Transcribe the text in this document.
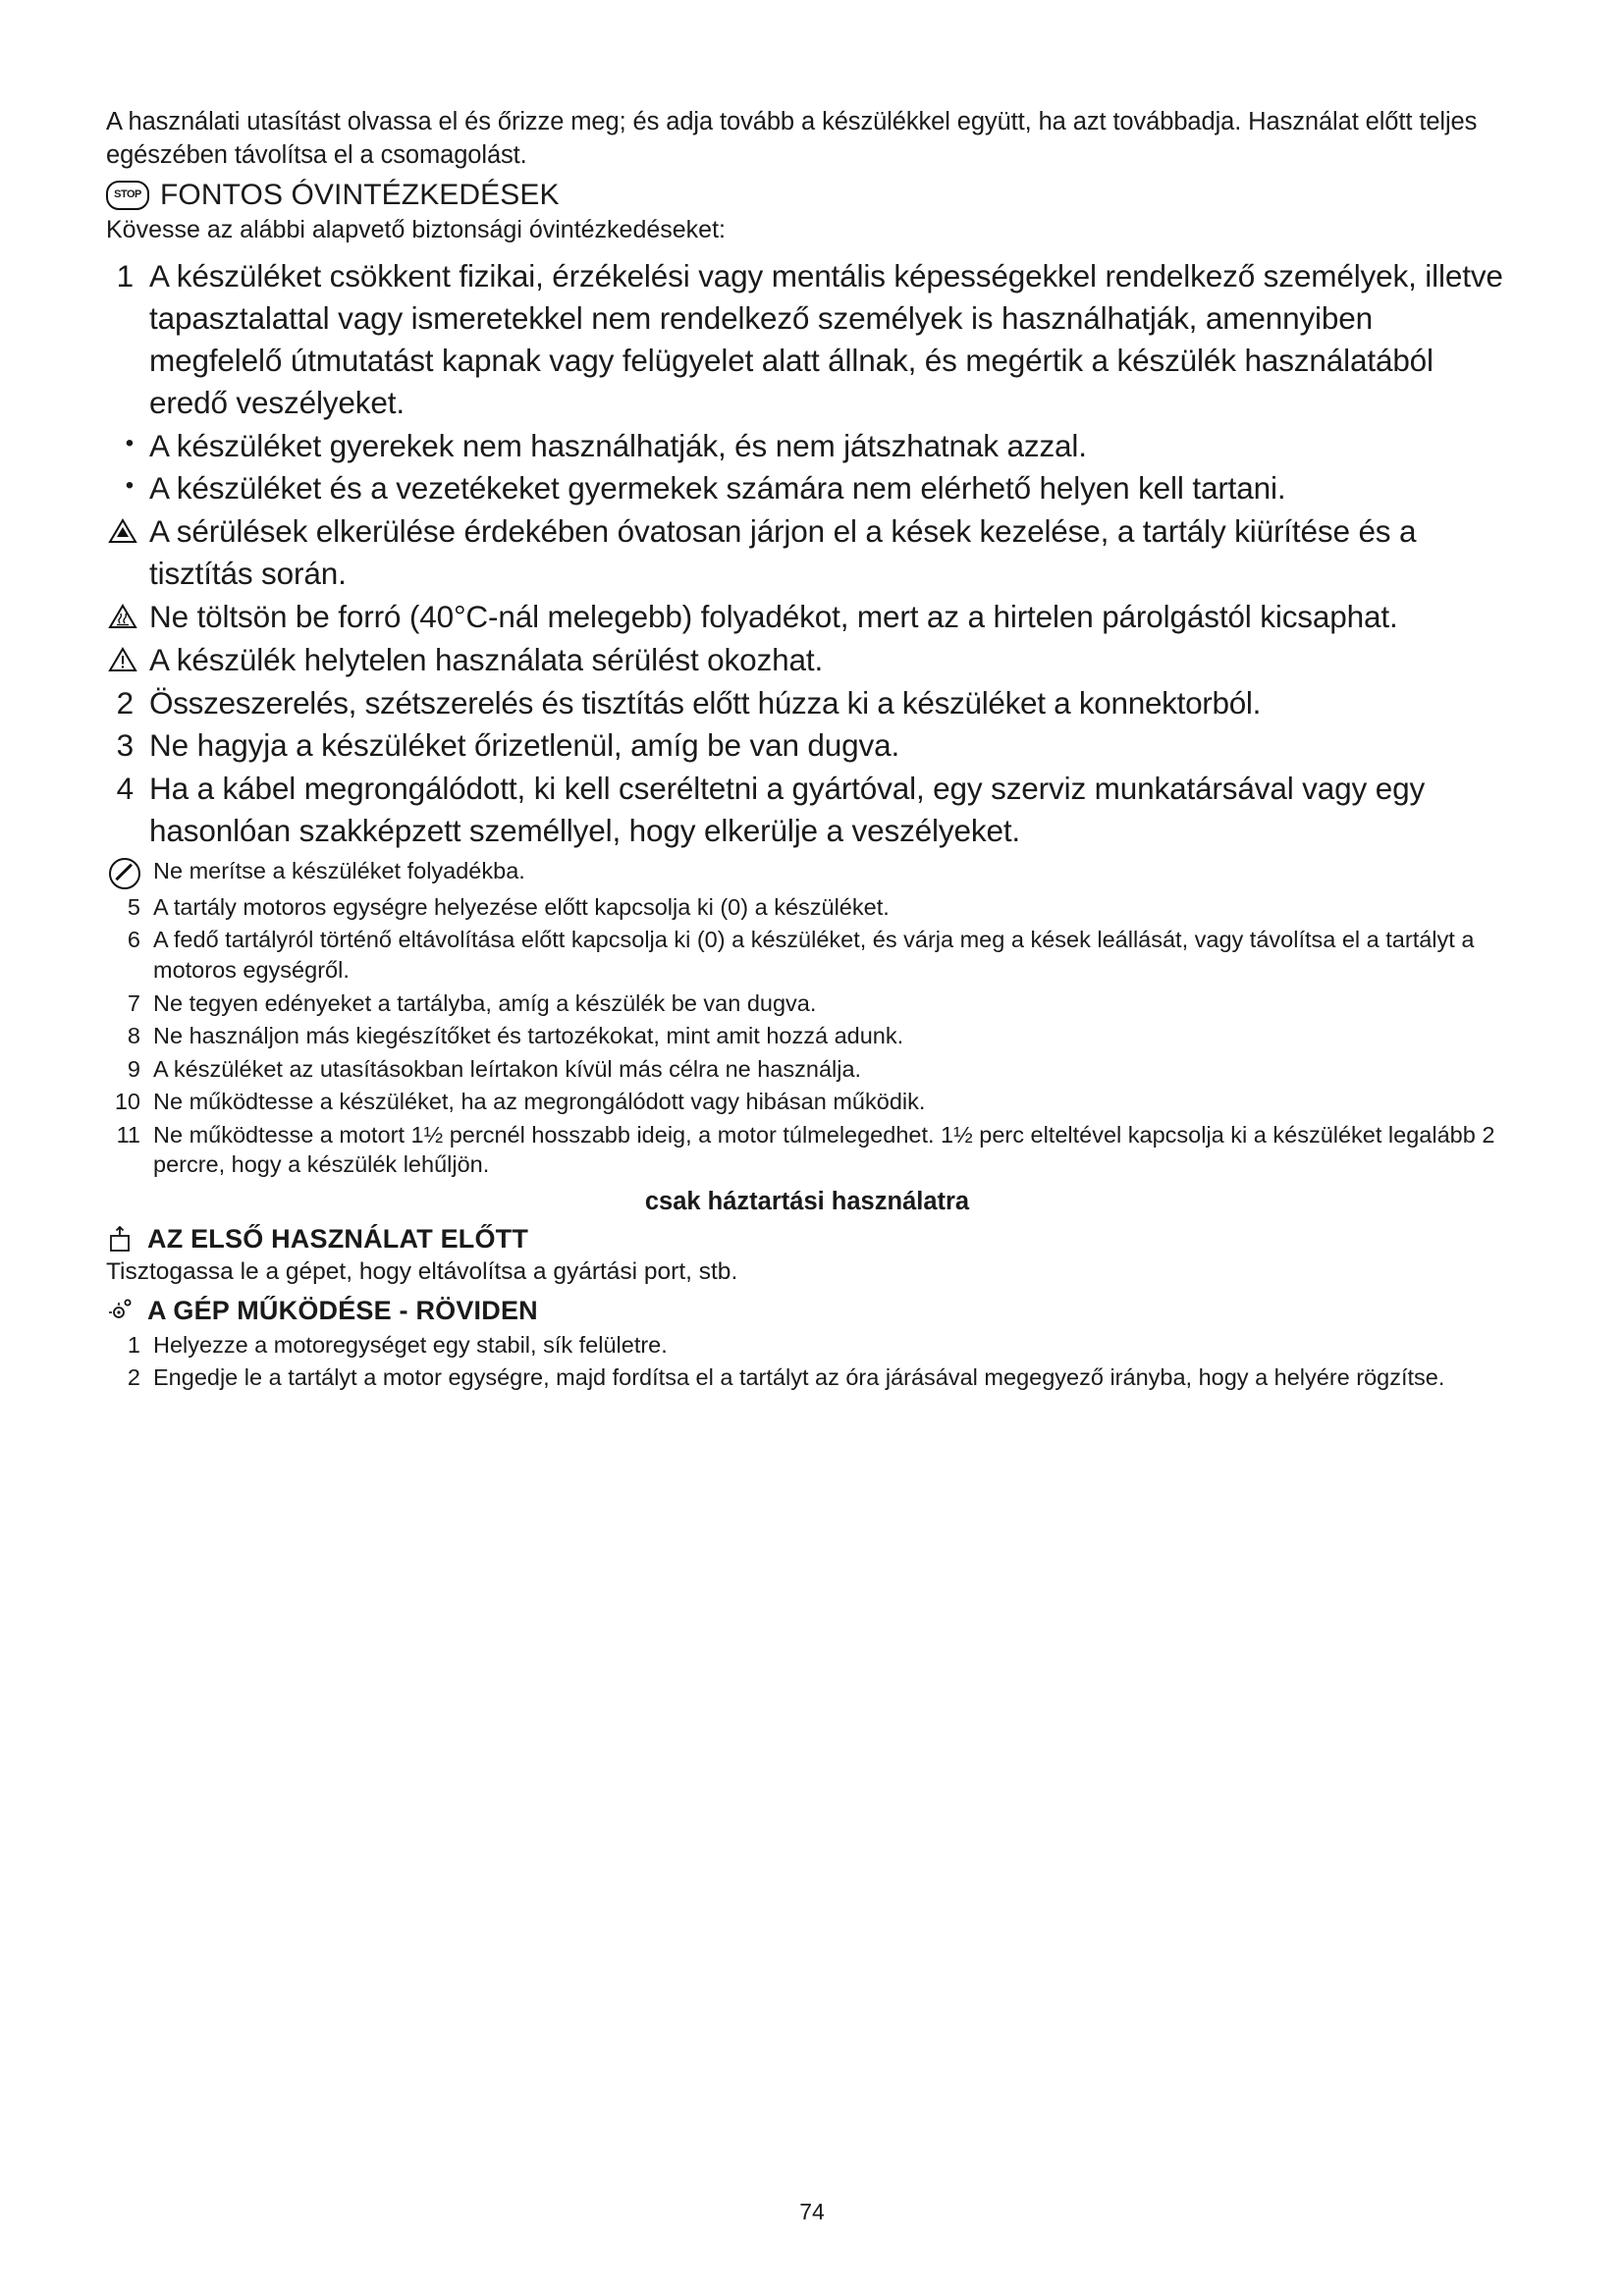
A használati utasítást olvassa el és őrizze meg; és adja tovább a készülékkel együtt, ha azt továbbadja. Használat előtt teljes egészében távolítsa el a csomagolást.

STOP FONTOS ÓVINTÉZKEDÉSEK

Kövesse az alábbi alapvető biztonsági óvintézkedéseket:

1 A készüléket csökkent fizikai, érzékelési vagy mentális képességekkel rendelkező személyek, illetve tapasztalattal vagy ismeretekkel nem rendelkező személyek is használhatják, amennyiben megfelelő útmutatást kapnak vagy felügyelet alatt állnak, és megértik a készülék használatából eredő veszélyeket.
• A készüléket gyerekek nem használhatják, és nem játszhatnak azzal.
• A készüléket és a vezetékeket gyermekek számára nem elérhető helyen kell tartani.
A sérülések elkerülése érdekében óvatosan járjon el a kések kezelése, a tartály kiürítése és a tisztítás során.
Ne töltsön be forró (40°C-nál melegebb) folyadékot, mert az a hirtelen párolgástól kicsaphat.
A készülék helytelen használata sérülést okozhat.
2 Összeszerelés, szétszerelés és tisztítás előtt húzza ki a készüléket a konnektorból.
3 Ne hagyja a készüléket őrizetlenül, amíg be van dugva.
4 Ha a kábel megrongálódott, ki kell cseréltetni a gyártóval, egy szerviz munkatársával vagy egy hasonlóan szakképzett személlyel, hogy elkerülje a veszélyeket.
Ne merítse a készüléket folyadékba.
5 A tartály motoros egységre helyezése előtt kapcsolja ki (0) a készüléket.
6 A fedő tartályról történő eltávolítása előtt kapcsolja ki (0) a készüléket, és várja meg a kések leállását, vagy távolítsa el a tartályt a motoros egységről.
7 Ne tegyen edényeket a tartályba, amíg a készülék be van dugva.
8 Ne használjon más kiegészítőket és tartozékokat, mint amit hozzá adunk.
9 A készüléket az utasításokban leírtakon kívül más célra ne használja.
10 Ne működtesse a készüléket, ha az megrongálódott vagy hibásan működik.
11 Ne működtesse a motort 1½ percnél hosszabb ideig, a motor túlmelegedhet. 1½ perc elteltével kapcsolja ki a készüléket legalább 2 percre, hogy a készülék lehűljön.
csak háztartási használatra
AZ ELSŐ HASZNÁLAT ELŐTT

Tisztogassa le a gépet, hogy eltávolítsa a gyártási port, stb.

A GÉP MŰKÖDÉSE - RÖVIDEN
1 Helyezze a motoregységet egy stabil, sík felületre.
2 Engedje le a tartályt a motor egységre, majd fordítsa el a tartályt az óra járásával megegyező irányba, hogy a helyére rögzítse.
74
